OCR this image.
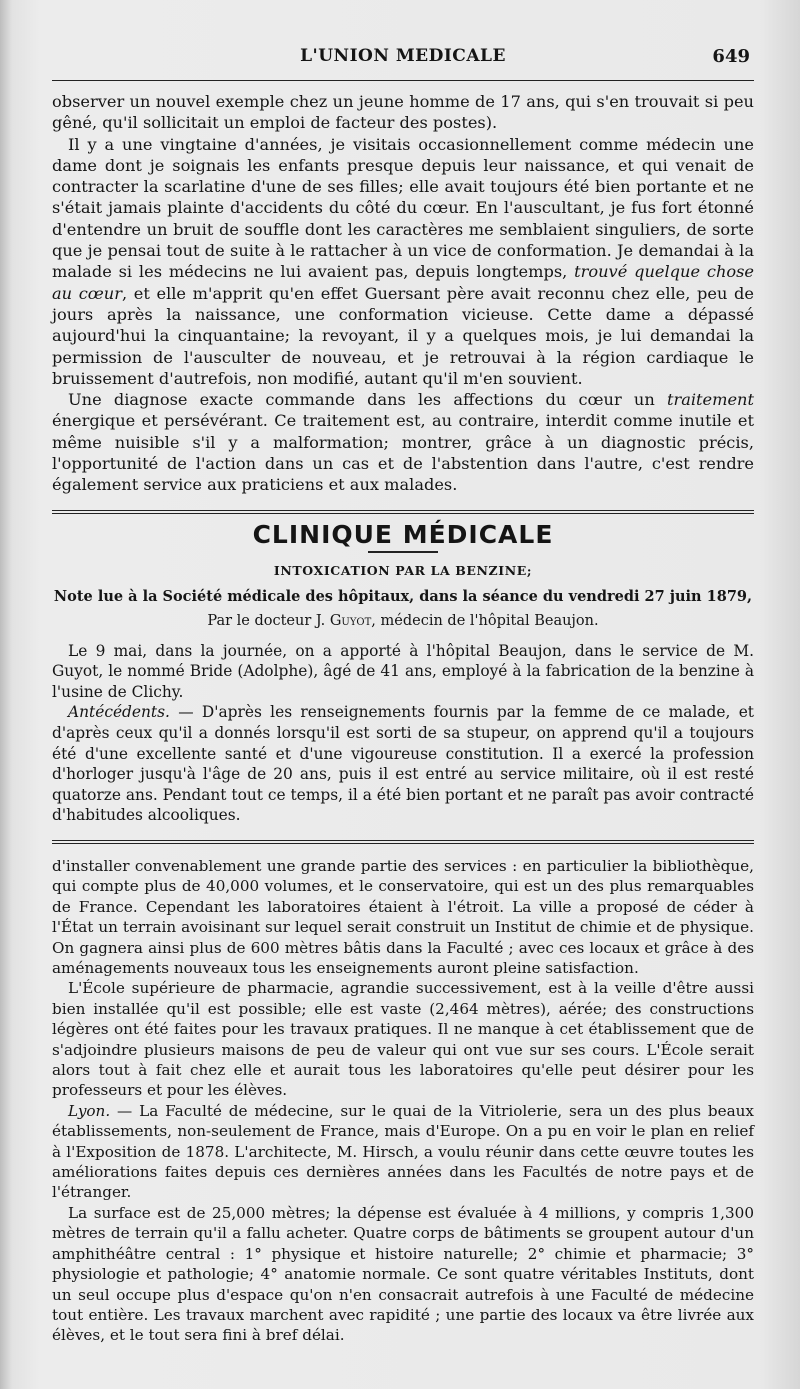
L'UNION MEDICALE	649

observer un nouvel exemple chez un jeune homme de 17 ans, qui s'en trouvait si peu gêné, qu'il sollicitait un emploi de facteur des postes).

Il y a une vingtaine d'années, je visitais occasionnellement comme médecin une dame dont je soignais les enfants presque depuis leur naissance, et qui venait de contracter la scarlatine d'une de ses filles; elle avait toujours été bien portante et ne s'était jamais plainte d'accidents du côté du cœur. En l'auscultant, je fus fort étonné d'entendre un bruit de souffle dont les caractères me semblaient singuliers, de sorte que je pensai tout de suite à le rattacher à un vice de conformation. Je demandai à la malade si les médecins ne lui avaient pas, depuis longtemps, trouvé quelque chose au cœur, et elle m'apprit qu'en effet Guersant père avait reconnu chez elle, peu de jours après la naissance, une conformation vicieuse. Cette dame a dépassé aujourd'hui la cinquantaine; la revoyant, il y a quelques mois, je lui demandai la permission de l'ausculter de nouveau, et je retrouvai à la région cardiaque le bruissement d'autrefois, non modifié, autant qu'il m'en souvient.

Une diagnose exacte commande dans les affections du cœur un traitement énergique et persévérant. Ce traitement est, au contraire, interdit comme inutile et même nuisible s'il y a malformation; montrer, grâce à un diagnostic précis, l'opportunité de l'action dans un cas et de l'abstention dans l'autre, c'est rendre également service aux praticiens et aux malades.

CLINIQUE MÉDICALE
INTOXICATION PAR LA BENZINE;
Note lue à la Société médicale des hôpitaux, dans la séance du vendredi 27 juin 1879,
Par le docteur J. Guyot, médecin de l'hôpital Beaujon.

Le 9 mai, dans la journée, on a apporté à l'hôpital Beaujon, dans le service de M. Guyot, le nommé Bride (Adolphe), âgé de 41 ans, employé à la fabrication de la benzine à l'usine de Clichy.

Antécédents. — D'après les renseignements fournis par la femme de ce malade, et d'après ceux qu'il a donnés lorsqu'il est sorti de sa stupeur, on apprend qu'il a toujours été d'une excellente santé et d'une vigoureuse constitution. Il a exercé la profession d'horloger jusqu'à l'âge de 20 ans, puis il est entré au service militaire, où il est resté quatorze ans. Pendant tout ce temps, il a été bien portant et ne paraît pas avoir contracté d'habitudes alcooliques.

d'installer convenablement une grande partie des services : en particulier la bibliothèque, qui compte plus de 40,000 volumes, et le conservatoire, qui est un des plus remarquables de France. Cependant les laboratoires étaient à l'étroit. La ville a proposé de céder à l'État un terrain avoisinant sur lequel serait construit un Institut de chimie et de physique. On gagnera ainsi plus de 600 mètres bâtis dans la Faculté ; avec ces locaux et grâce à des aménagements nouveaux tous les enseignements auront pleine satisfaction.

L'École supérieure de pharmacie, agrandie successivement, est à la veille d'être aussi bien installée qu'il est possible; elle est vaste (2,464 mètres), aérée; des constructions légères ont été faites pour les travaux pratiques. Il ne manque à cet établissement que de s'adjoindre plusieurs maisons de peu de valeur qui ont vue sur ses cours. L'École serait alors tout à fait chez elle et aurait tous les laboratoires qu'elle peut désirer pour les professeurs et pour les élèves.

Lyon. — La Faculté de médecine, sur le quai de la Vitriolerie, sera un des plus beaux établissements, non-seulement de France, mais d'Europe. On a pu en voir le plan en relief à l'Exposition de 1878. L'architecte, M. Hirsch, a voulu réunir dans cette œuvre toutes les améliorations faites depuis ces dernières années dans les Facultés de notre pays et de l'étranger.

La surface est de 25,000 mètres; la dépense est évaluée à 4 millions, y compris 1,300 mètres de terrain qu'il a fallu acheter. Quatre corps de bâtiments se groupent autour d'un amphithéâtre central : 1° physique et histoire naturelle; 2° chimie et pharmacie; 3° physiologie et pathologie; 4° anatomie normale. Ce sont quatre véritables Instituts, dont un seul occupe plus d'espace qu'on n'en consacrait autrefois à une Faculté de médecine tout entière. Les travaux marchent avec rapidité ; une partie des locaux va être livrée aux élèves, et le tout sera fini à bref délai.
